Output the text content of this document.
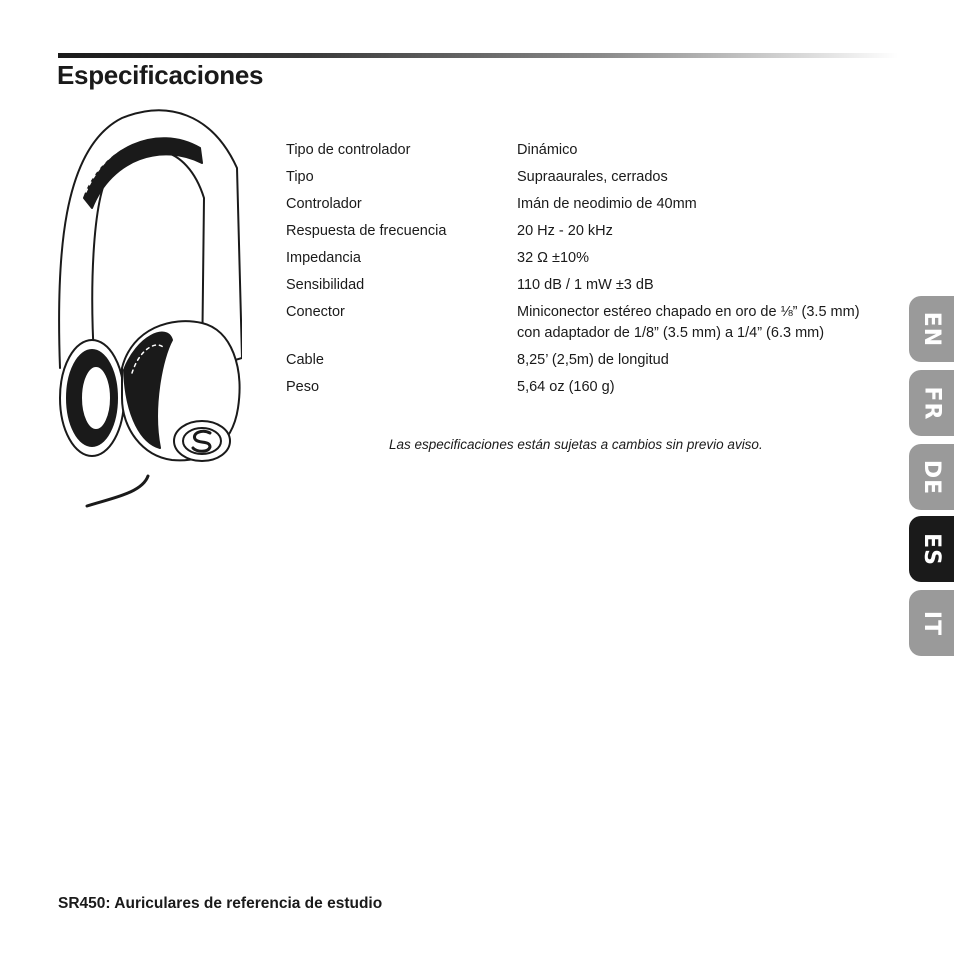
Especificaciones
Tipo de controlador	Dinámico
Tipo	Supraaurales, cerrados
Controlador	Imán de neodimio de 40mm
Respuesta de frecuencia	20 Hz - 20 kHz
Impedancia	32 Ω ±10%
Sensibilidad	110 dB / 1 mW ±3 dB
Conector	Miniconector estéreo chapado en oro de ⅛” (3.5 mm)
con adaptador de 1/8” (3.5 mm) a 1/4” (6.3 mm)

Cable	8,25’ (2,5m) de longitud
Peso	5,64 oz (160 g)

Las especificaciones están sujetas a cambios sin previo aviso.

EN
FR
DE
ES
IT

SR450: Auriculares de referencia de estudio
